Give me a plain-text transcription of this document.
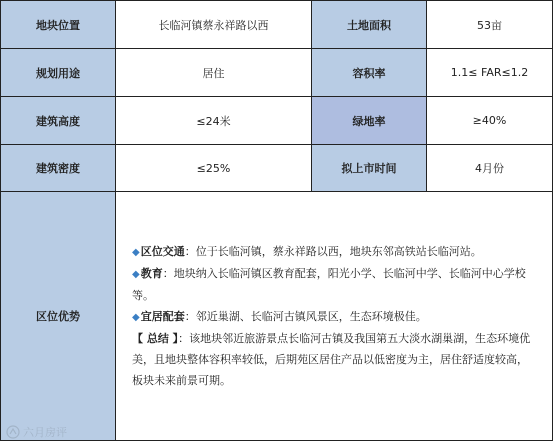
地块位置	长临河镇蔡永祥路以西	土地面积	53亩
规划用途	居住	容积率	1.1≤ FAR≤1.2
建筑高度	≤24米	绿地率	≥40%
建筑密度	≤25%	拟上市时间	4月份
区位优势	◆区位交通：位于长临河镇，蔡永祥路以西，地块东邻高铁站长临河站。

◆教育：地块纳入长临河镇区教育配套，阳光小学、长临河中学、长临河中心学校等。

◆宜居配套：邻近巢湖、长临河古镇风景区，生态环境极佳。

【 总结 】：该地块邻近旅游景点长临河古镇及我国第五大淡水湖巢湖，生态环境优美，且地块整体容积率较低，后期苑区居住产品以低密度为主，居住舒适度较高，板块未来前景可期。		

六月房评
